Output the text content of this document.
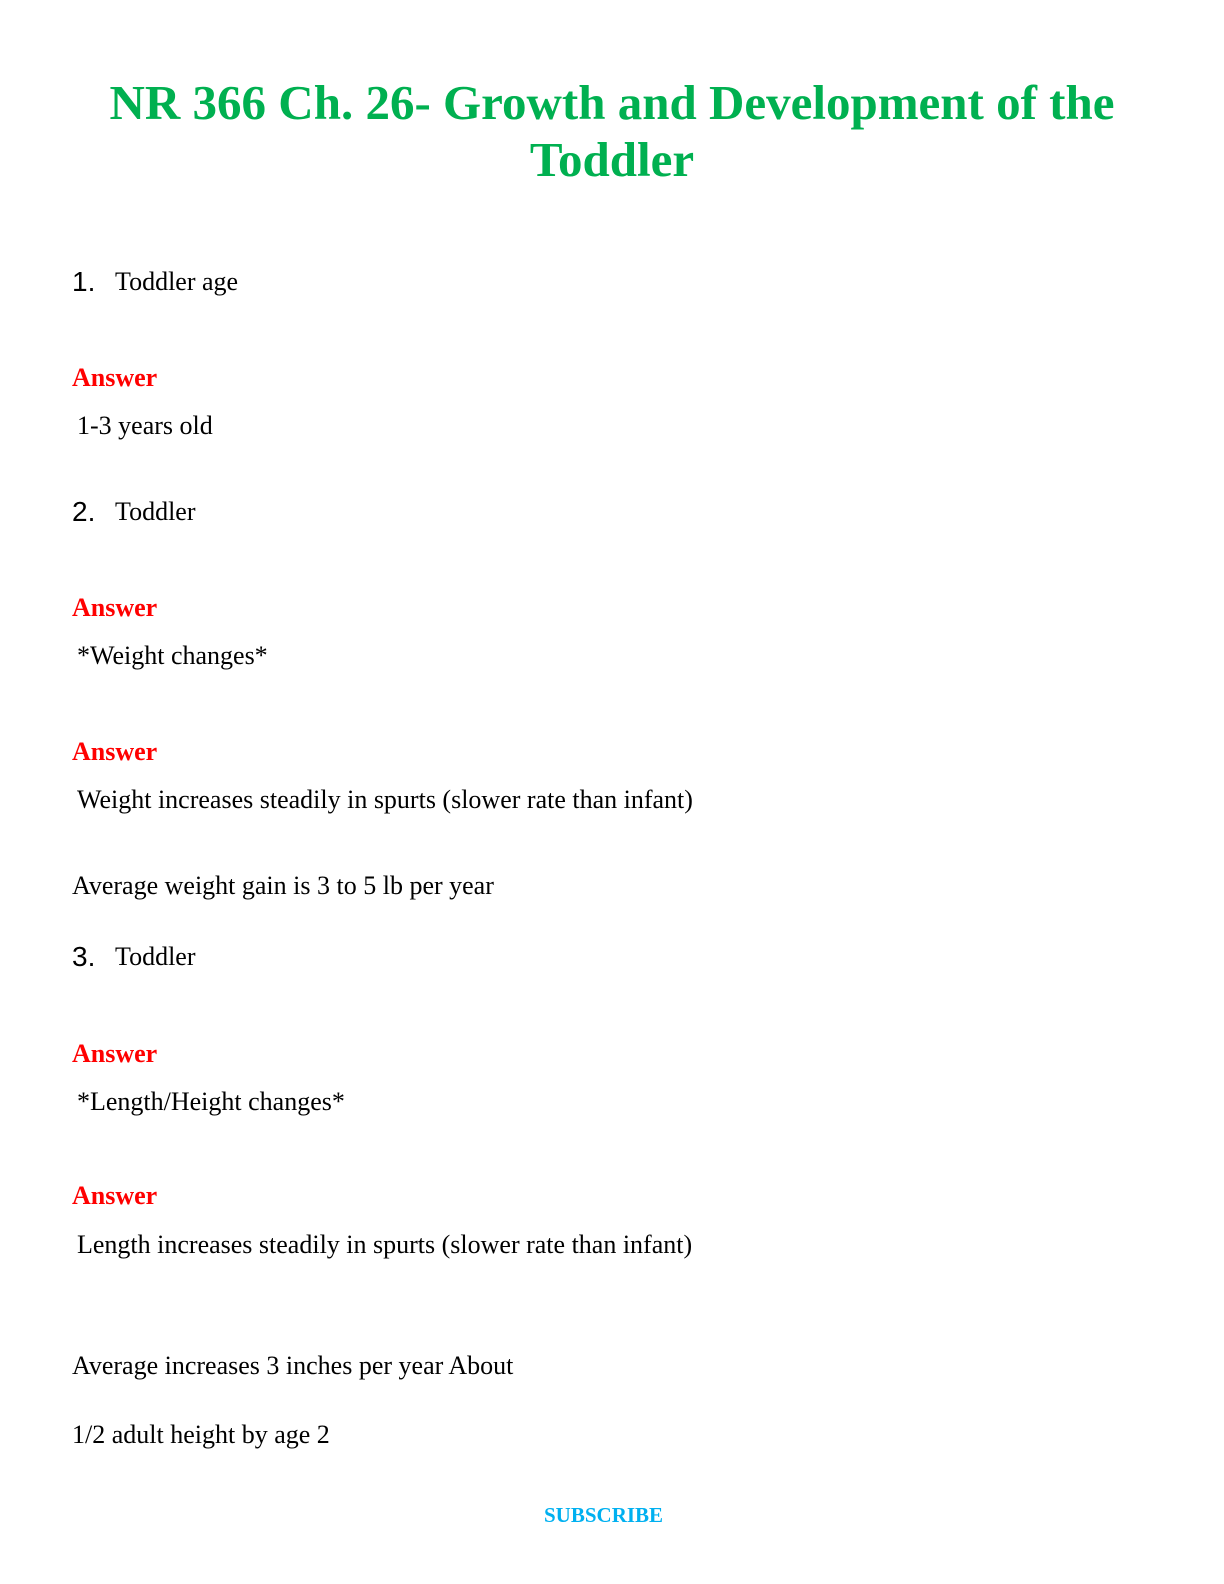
NR 366 Ch. 26- Growth and Development of the
Toddler
1. Toddler age
Answer
1-3 years old
2. Toddler
Answer
*Weight changes*
Answer
Weight increases steadily in spurts (slower rate than infant)
Average weight gain is 3 to 5 lb per year
3. Toddler
Answer
*Length/Height changes*
Answer
Length increases steadily in spurts (slower rate than infant)
Average increases 3 inches per year About
1/2 adult height by age 2
SUBSCRIBE
